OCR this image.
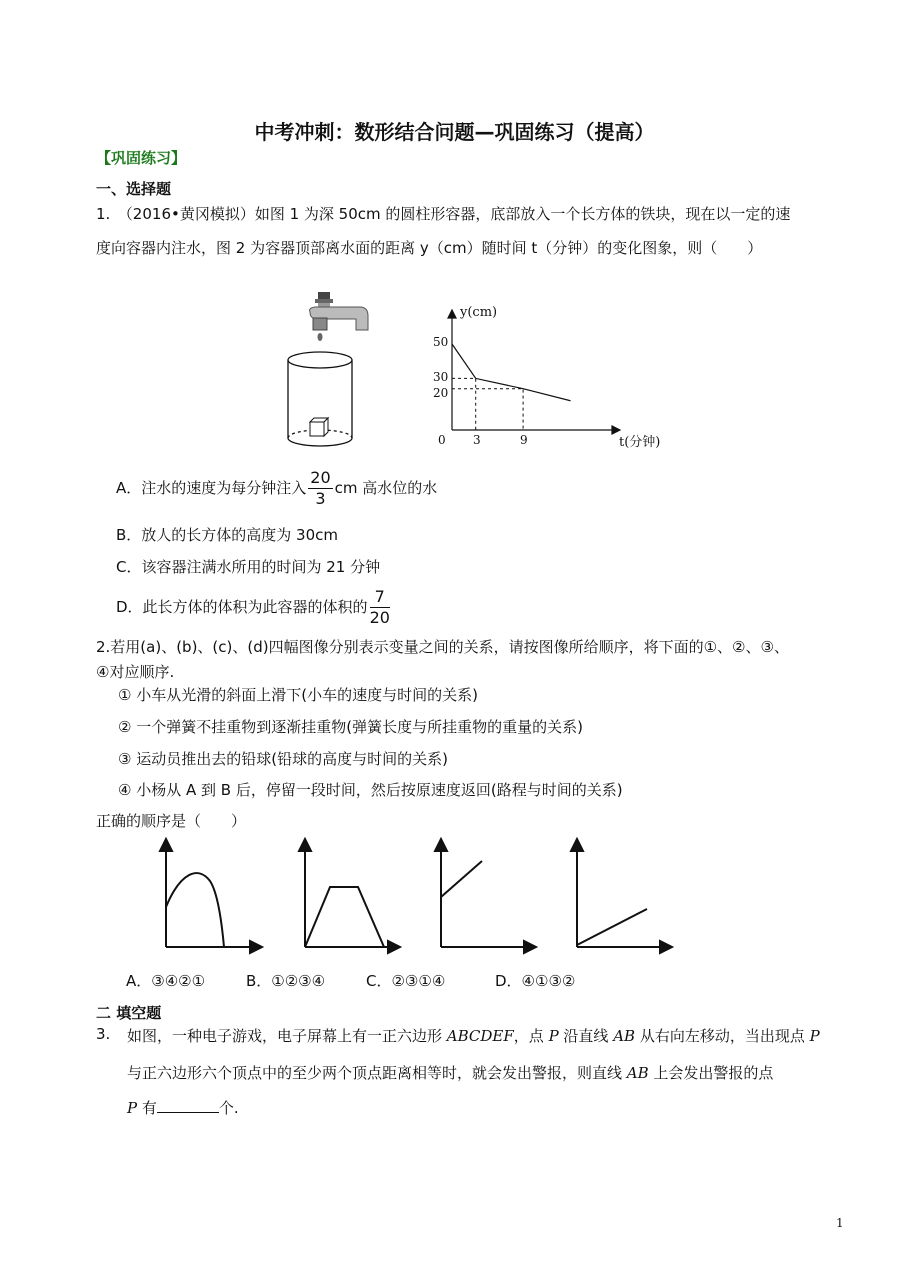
中考冲刺：数形结合问题—巩固练习（提高）
【巩固练习】
一、选择题
1.　（2016•黄冈模拟）如图 1 为深 50cm 的圆柱形容器，底部放入一个长方体的铁块，现在以一定的速
度向容器内注水，图 2 为容器顶部离水面的距离 y（cm）随时间 t（分钟）的变化图象，则（　　）
y(cm)
t(分钟)
0
50
30
20
3	9
A．注水的速度为每分钟注入 $\frac{20}{3}$ cm 高水位的水
B．放人的长方体的高度为 30cm
C．该容器注满水所用的时间为 21 分钟
D．此长方体的体积为此容器的体积的 $\frac{7}{20}$
2.若用(a)、(b)、(c)、(d)四幅图像分别表示变量之间的关系，请按图像所给顺序，将下面的①、②、③、
④对应顺序.
① 小车从光滑的斜面上滑下(小车的速度与时间的关系)
② 一个弹簧不挂重物到逐渐挂重物(弹簧长度与所挂重物的重量的关系)
③ 运动员推出去的铅球(铅球的高度与时间的关系)
④ 小杨从 A 到 B 后，停留一段时间，然后按原速度返回(路程与时间的关系)
正确的顺序是（　　）
A．③④②①	B．①②③④	C．②③①④	D．④①③②
二 填空题
3. 如图，一种电子游戏，电子屏幕上有一正六边形 ABCDEF，点 P 沿直线 AB 从右向左移动，当出现点 P
与正六边形六个顶点中的至少两个顶点距离相等时，就会发出警报，则直线 AB 上会发出警报的点
P 有	个.
1
